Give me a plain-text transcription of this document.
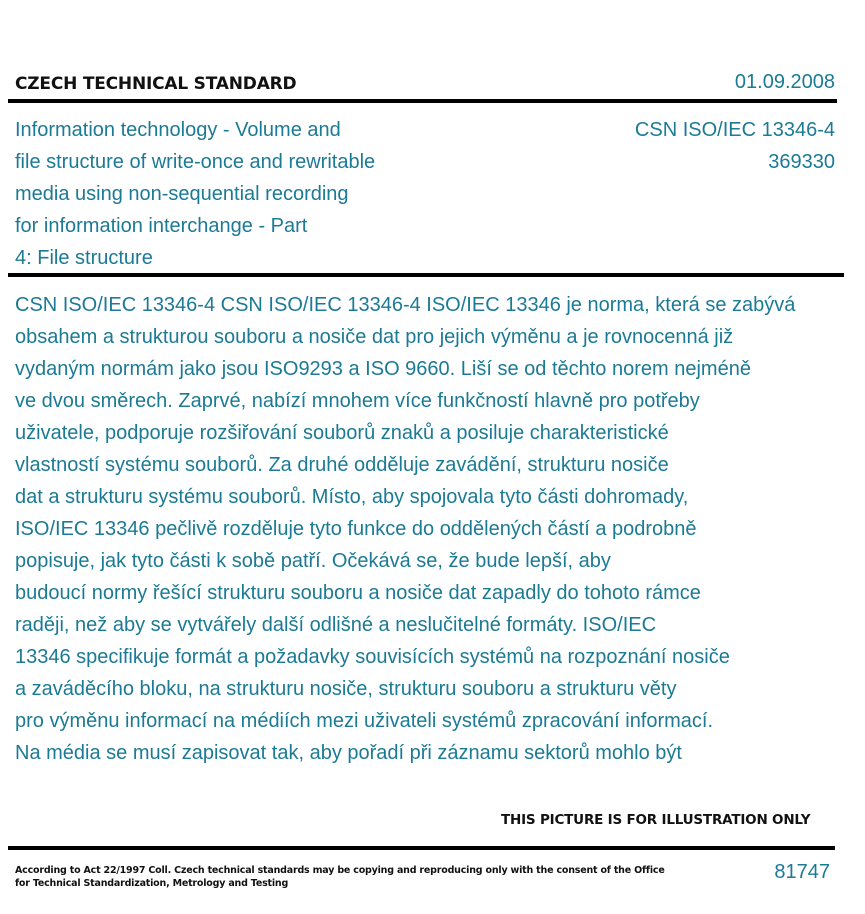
CZECH TECHNICAL STANDARD	01.09.2008
Information technology - Volume and
file structure of write-once and rewritable
media using non-sequential recording
for information interchange - Part
4: File structure
CSN ISO/IEC 13346-4
369330
CSN ISO/IEC 13346-4 CSN ISO/IEC 13346-4 ISO/IEC 13346 je norma, která se zabývá
obsahem a strukturou souboru a nosiče dat pro jejich výměnu a je rovnocenná již
vydaným normám jako jsou ISO9293 a ISO 9660. Liší se od těchto norem nejméně
ve dvou směrech. Zaprvé, nabízí mnohem více funkčností hlavně pro potřeby
uživatele, podporuje rozšiřování souborů znaků a posiluje charakteristické
vlastností systému souborů. Za druhé odděluje zavádění, strukturu nosiče
dat a strukturu systému souborů. Místo, aby spojovala tyto části dohromady,
ISO/IEC 13346 pečlivě rozděluje tyto funkce do oddělených částí a podrobně
popisuje, jak tyto části k sobě patří. Očekává se, že bude lepší, aby
budoucí normy řešící strukturu souboru a nosiče dat zapadly do tohoto rámce
raději, než aby se vytvářely další odlišné a neslučitelné formáty. ISO/IEC
13346 specifikuje formát a požadavky souvisících systémů na rozpoznání nosiče
a zaváděcího bloku, na strukturu nosiče, strukturu souboru a strukturu věty
pro výměnu informací na médiích mezi uživateli systémů zpracování informací.
Na média se musí zapisovat tak, aby pořadí při záznamu sektorů mohlo být
THIS PICTURE IS FOR ILLUSTRATION ONLY
According to Act 22/1997 Coll. Czech technical standards may be copying and reproducing only with the consent of the Office
for Technical Standardization, Metrology and Testing
81747
